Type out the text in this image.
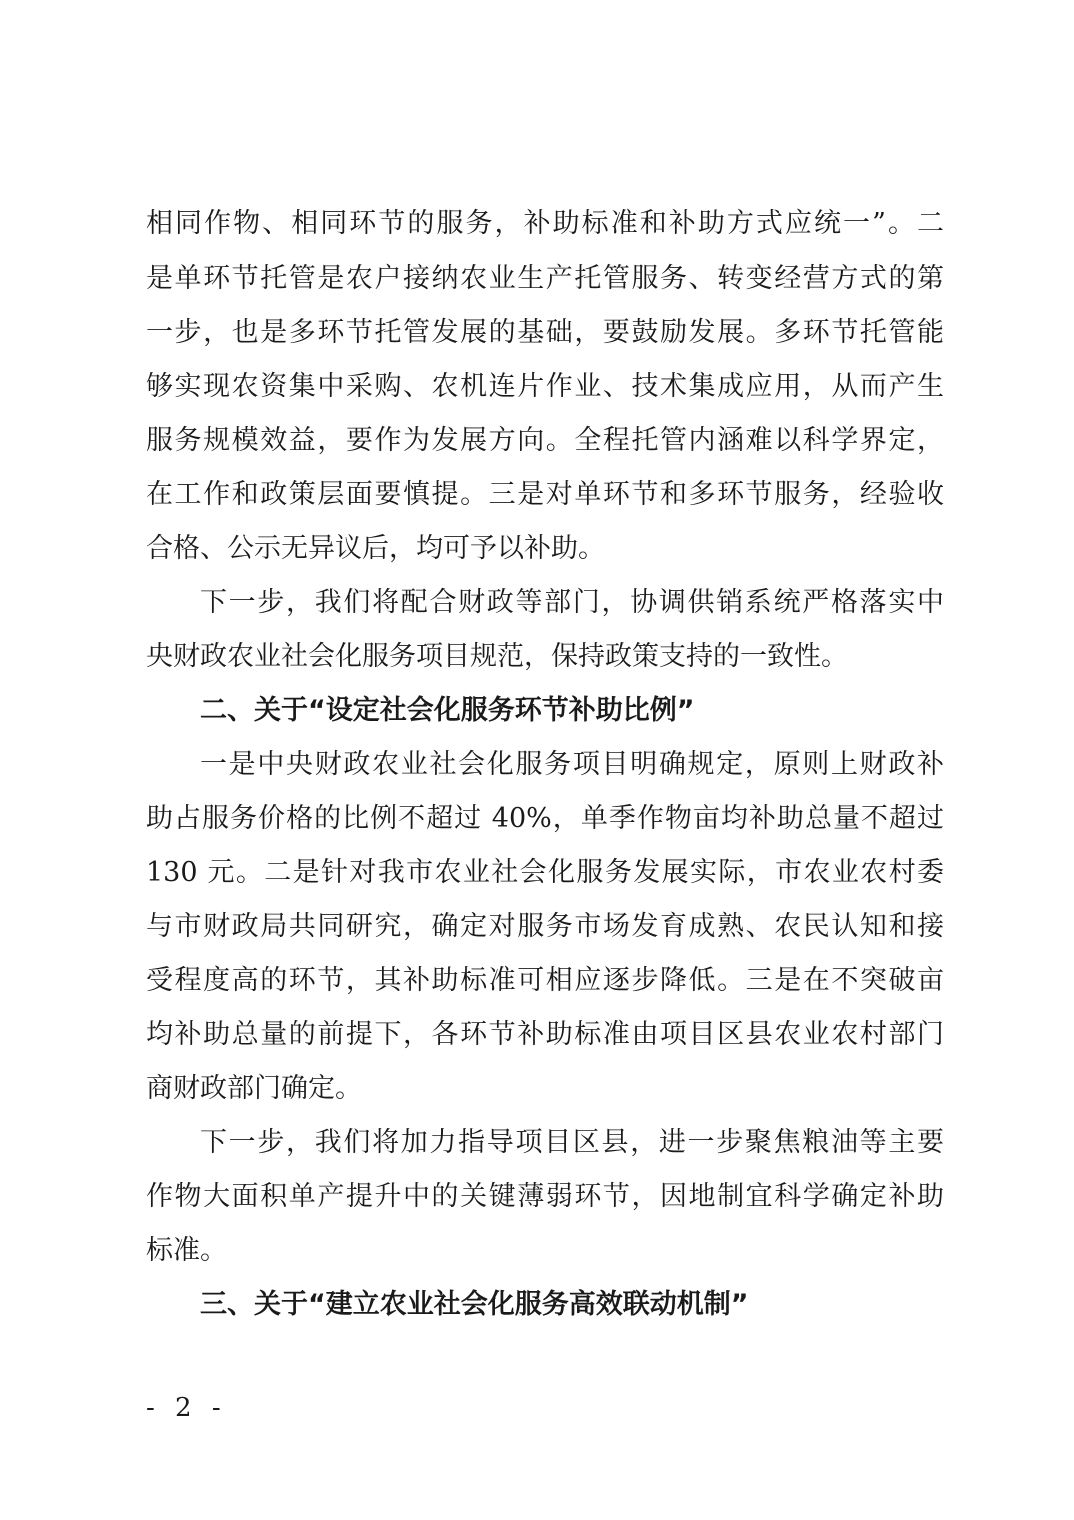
相同作物、相同环节的服务，补助标准和补助方式应统一”。二
是单环节托管是农户接纳农业生产托管服务、转变经营方式的第
一步，也是多环节托管发展的基础，要鼓励发展。多环节托管能
够实现农资集中采购、农机连片作业、技术集成应用，从而产生
服务规模效益，要作为发展方向。全程托管内涵难以科学界定，
在工作和政策层面要慎提。三是对单环节和多环节服务，经验收
合格、公示无异议后，均可予以补助。
下一步，我们将配合财政等部门，协调供销系统严格落实中
央财政农业社会化服务项目规范，保持政策支持的一致性。
二、关于“设定社会化服务环节补助比例”
一是中央财政农业社会化服务项目明确规定，原则上财政补
助占服务价格的比例不超过 40%，单季作物亩均补助总量不超过
130 元。二是针对我市农业社会化服务发展实际，市农业农村委
与市财政局共同研究，确定对服务市场发育成熟、农民认知和接
受程度高的环节，其补助标准可相应逐步降低。三是在不突破亩
均补助总量的前提下，各环节补助标准由项目区县农业农村部门
商财政部门确定。
下一步，我们将加力指导项目区县，进一步聚焦粮油等主要
作物大面积单产提升中的关键薄弱环节，因地制宜科学确定补助
标准。
三、关于“建立农业社会化服务高效联动机制”
- 2 -
